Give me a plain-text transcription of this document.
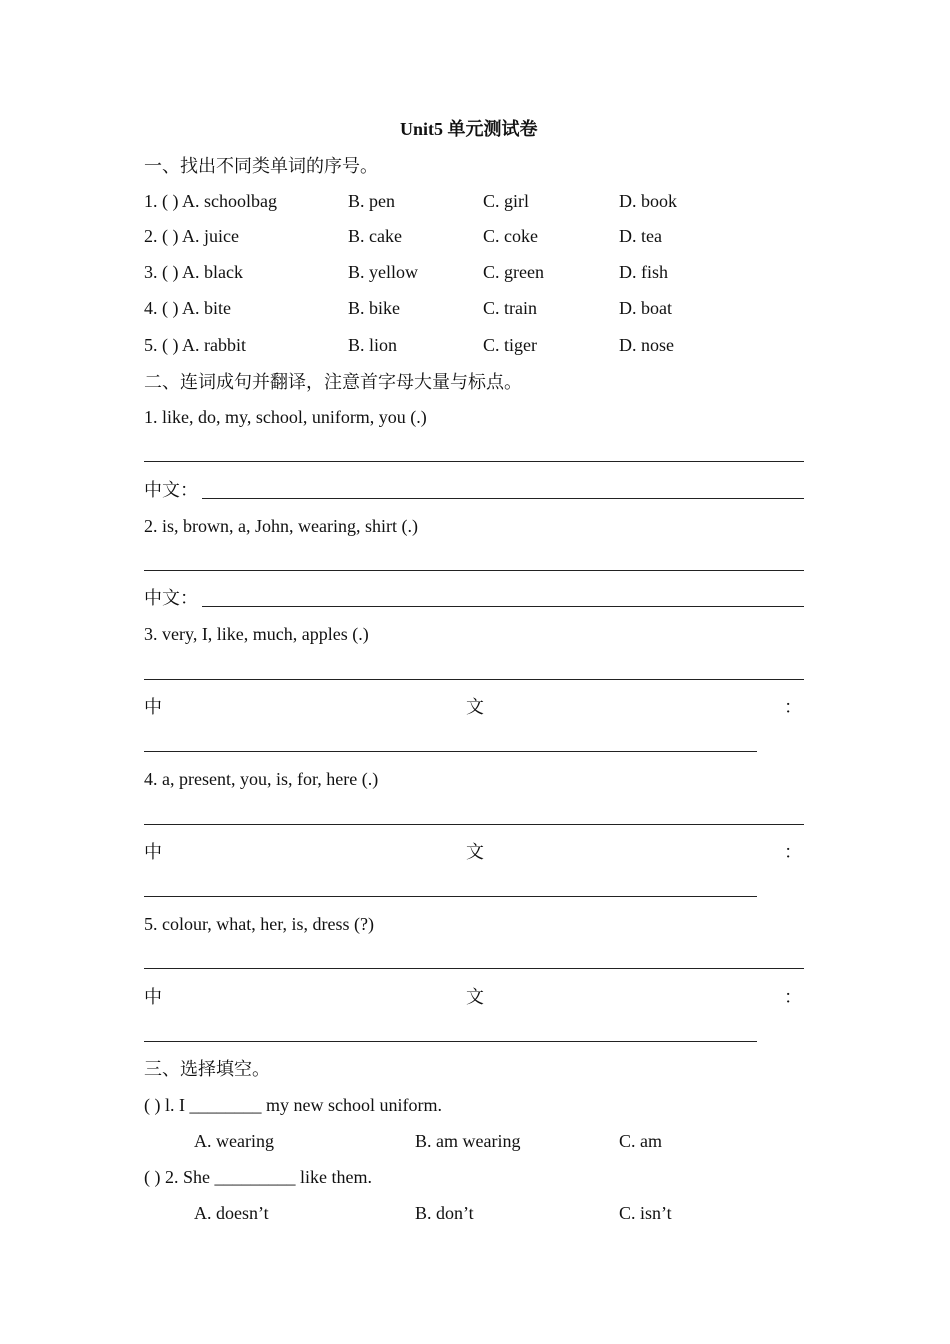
Unit5 单元测试卷
一、找出不同类单词的序号。
1. ( ) A. schoolbag	B. pen	C. girl	D. book
2. ( ) A. juice	B. cake	C. coke	D. tea
3. ( ) A. black	B. yellow	C. green	D. fish
4. ( ) A. bite	B. bike	C. train	D. boat
5. ( ) A. rabbit	B. lion	C. tiger	D. nose
二、连词成句并翻译，注意首字母大量与标点。
1. like, do, my, school, uniform, you (.)
中文：
2. is, brown, a, John, wearing, shirt (.)
中文：
3. very, I, like, much, apples (.)
中	文	：
4. a, present, you, is, for, here (.)
中	文	：
5. colour, what, her, is, dress (?)
中	文	：
三、选择填空。
( ) l. I ________ my new school uniform.
A. wearing	B. am wearing	C. am
( ) 2. She _________ like them.
A. doesn’t	B. don’t	C. isn’t
